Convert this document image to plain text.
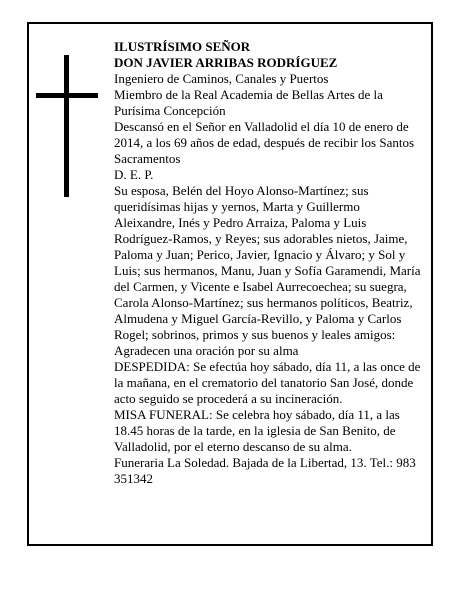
ILUSTRÍSIMO SEÑOR

DON JAVIER ARRIBAS RODRÍGUEZ

Ingeniero de Caminos, Canales y Puertos

Miembro de la Real Academia de Bellas Artes de la Purísima Concepción

Descansó en el Señor en Valladolid el día 10 de enero de 2014, a los 69 años de edad, después de recibir los Santos Sacramentos

D. E. P.

Su esposa, Belén del Hoyo Alonso-Martínez; sus queridísimas hijas y yernos, Marta y Guillermo Aleixandre, Inés y Pedro Arraiza, Paloma y Luis Rodríguez-Ramos, y Reyes; sus adorables nietos, Jaime, Paloma y Juan; Perico, Javier, Ignacio y Álvaro; y Sol y Luis; sus hermanos, Manu, Juan y Sofía Garamendi, María del Carmen, y Vicente e Isabel Aurrecoechea; su suegra, Carola Alonso-Martínez; sus hermanos políticos, Beatriz, Almudena y Miguel García-Revillo, y Paloma y Carlos Rogel; sobrinos, primos y sus buenos y leales amigos:

Agradecen una oración por su alma

DESPEDIDA: Se efectúa hoy sábado, día 11, a las once de la mañana, en el crematorio del tanatorio San José, donde acto seguido se procederá a su incineración.

MISA FUNERAL: Se celebra hoy sábado, día 11, a las 18.45 horas de la tarde, en la iglesia de San Benito, de Valladolid, por el eterno descanso de su alma.

Funeraria La Soledad. Bajada de la Libertad, 13. Tel.: 983 351342
